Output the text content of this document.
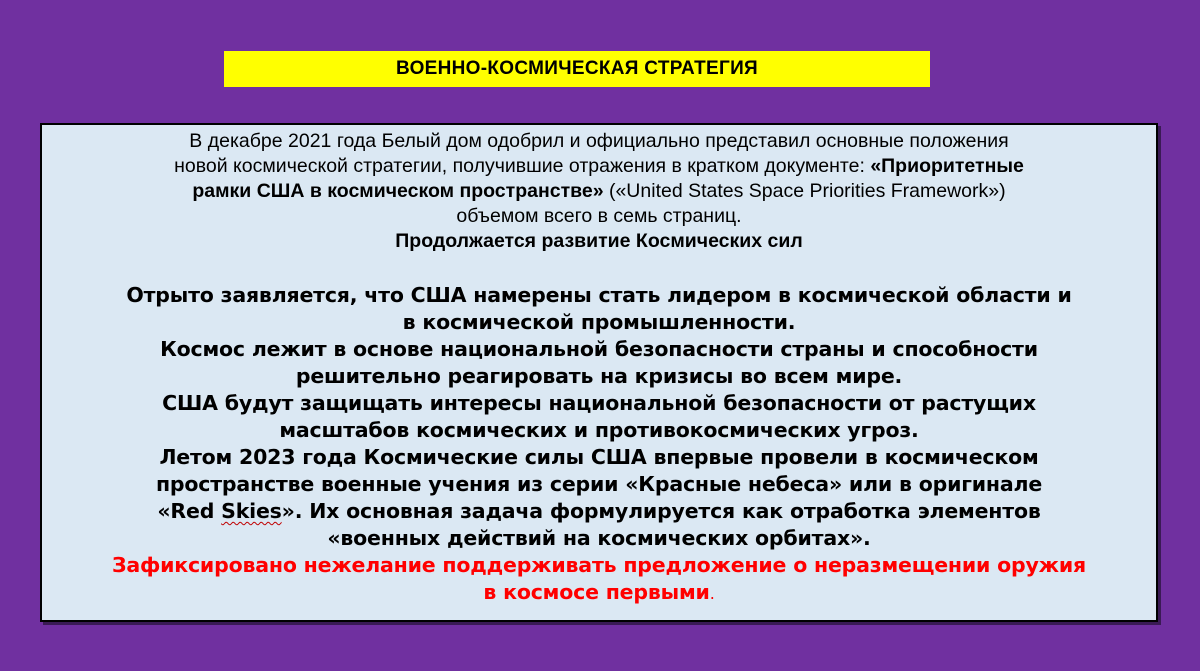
ВОЕННО-КОСМИЧЕСКАЯ СТРАТЕГИЯ

В декабре 2021 года Белый дом одобрил и официально представил основные положения
новой космической стратегии, получившие отражения в кратком документе: «Приоритетные
рамки США в космическом пространстве» («United States Space Priorities Framework»)
объемом всего в семь страниц.

Продолжается развитие Космических сил

Отрыто заявляется, что США намерены стать лидером в космической области и
в космической промышленности.

Космос лежит в основе национальной безопасности страны и способности
решительно реагировать на кризисы во всем мире.

США будут защищать интересы национальной безопасности от растущих
масштабов космических и противокосмических угроз.

Летом 2023 года Космические силы США впервые провели в космическом
пространстве военные учения из серии «Красные небеса» или в оригинале
«Red Skies». Их основная задача формулируется как отработка элементов
«военных действий на космических орбитах».

Зафиксировано нежелание поддерживать предложение о неразмещении оружия
в космосе первыми.
